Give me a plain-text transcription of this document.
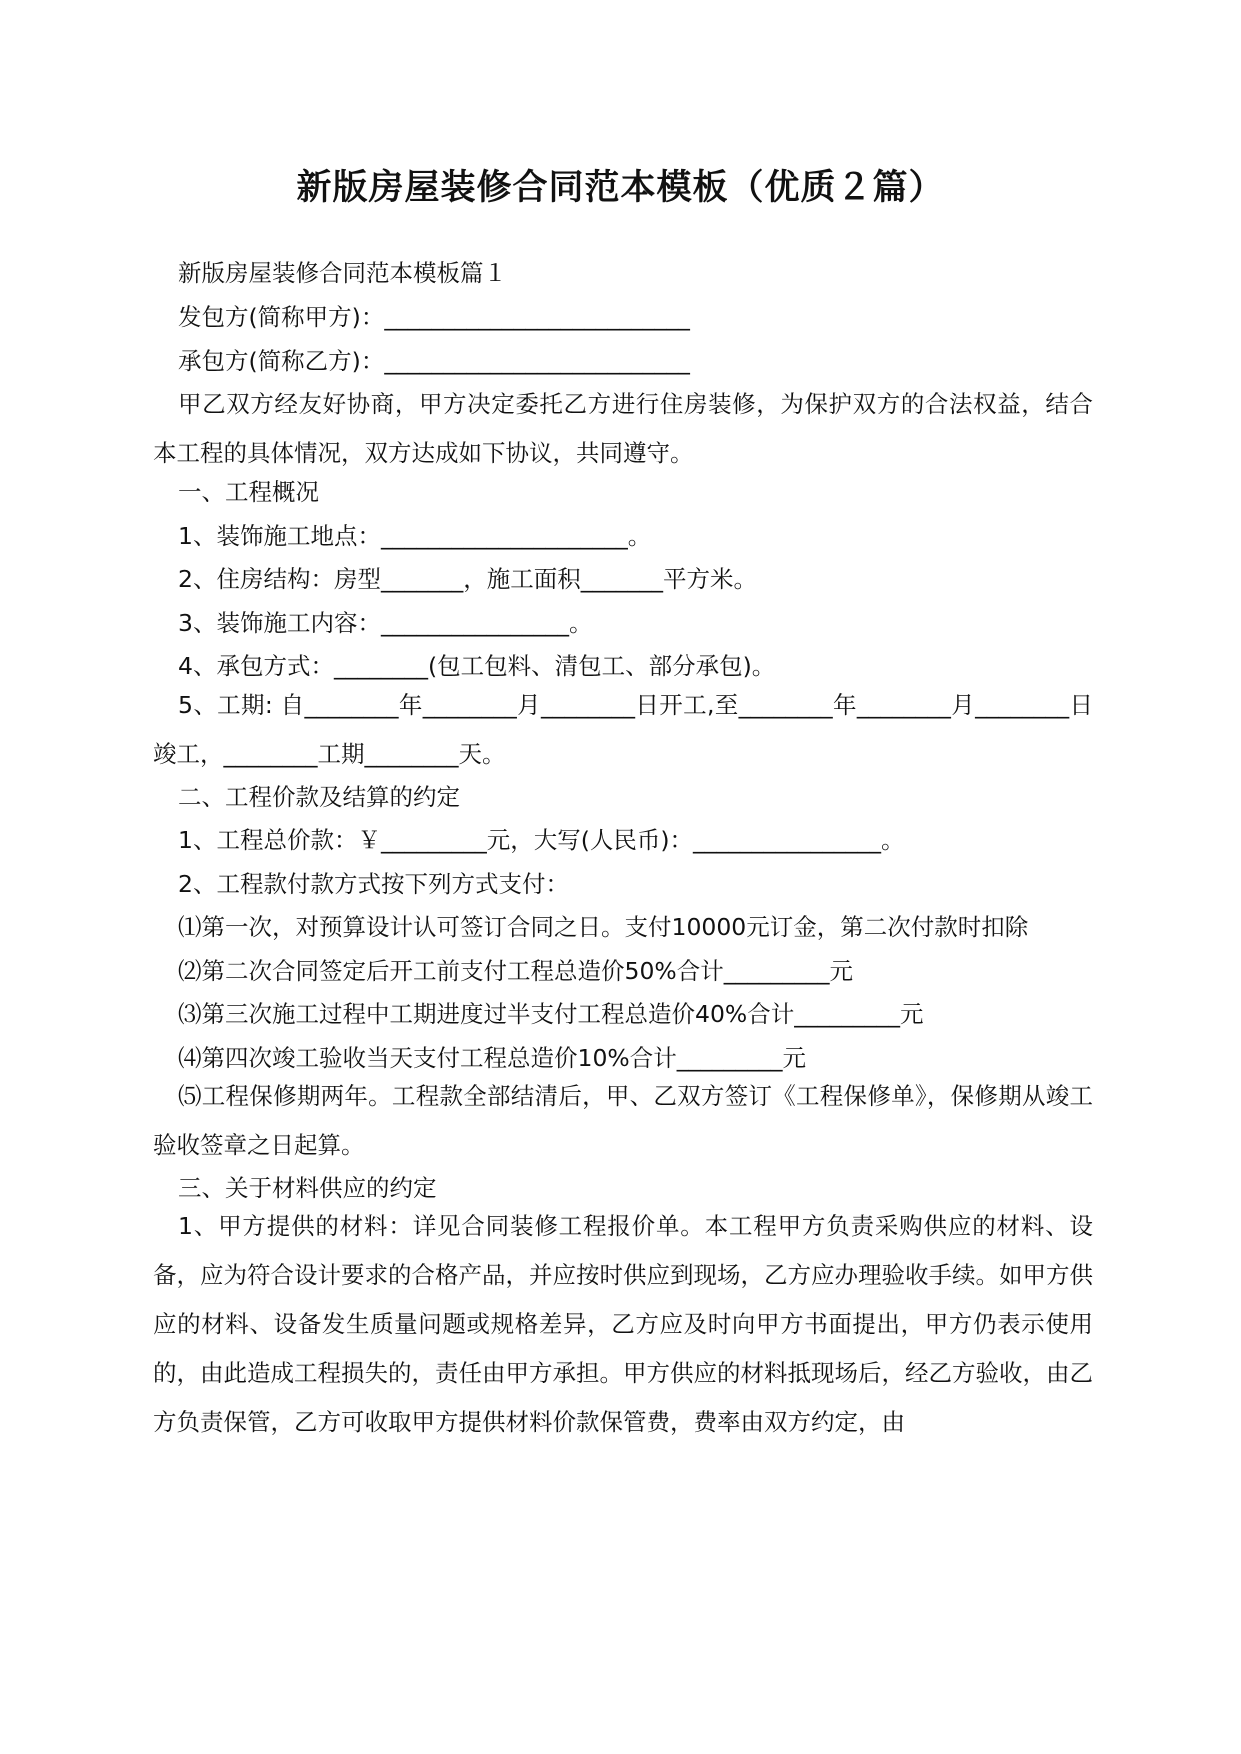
新版房屋装修合同范本模板（优质２篇）
新版房屋装修合同范本模板篇１
发包方(简称甲方)：__________________________
承包方(简称乙方)：__________________________

甲乙双方经友好协商，甲方决定委托乙方进行住房装修，为保护双方的合法权益，结合本工程的具体情况，双方达成如下协议，共同遵守。

一、工程概况
1、装饰施工地点：_____________________。
2、住房结构：房型_______，施工面积_______平方米。
3、装饰施工内容：________________。
4、承包方式：________(包工包料、清包工、部分承包)。

5、工期: 自________年________月________日开工,至________年________月________日竣工，________工期________天。

二、工程价款及结算的约定
1、工程总价款：￥_________元，大写(人民币)：________________。
2、工程款付款方式按下列方式支付：
⑴第一次，对预算设计认可签订合同之日。支付10000元订金，第二次付款时扣除
⑵第二次合同签定后开工前支付工程总造价50%合计_________元
⑶第三次施工过程中工期进度过半支付工程总造价40%合计_________元
⑷第四次竣工验收当天支付工程总造价10%合计_________元

⑸工程保修期两年。工程款全部结清后，甲、乙双方签订《工程保修单》，保修期从竣工验收签章之日起算。

三、关于材料供应的约定

1、甲方提供的材料：详见合同装修工程报价单。本工程甲方负责采购供应的材料、设备，应为符合设计要求的合格产品，并应按时供应到现场，乙方应办理验收手续。如甲方供应的材料、设备发生质量问题或规格差异，乙方应及时向甲方书面提出，甲方仍表示使用的，由此造成工程损失的，责任由甲方承担。甲方供应的材料抵现场后，经乙方验收，由乙方负责保管，乙方可收取甲方提供材料价款保管费，费率由双方约定，由
